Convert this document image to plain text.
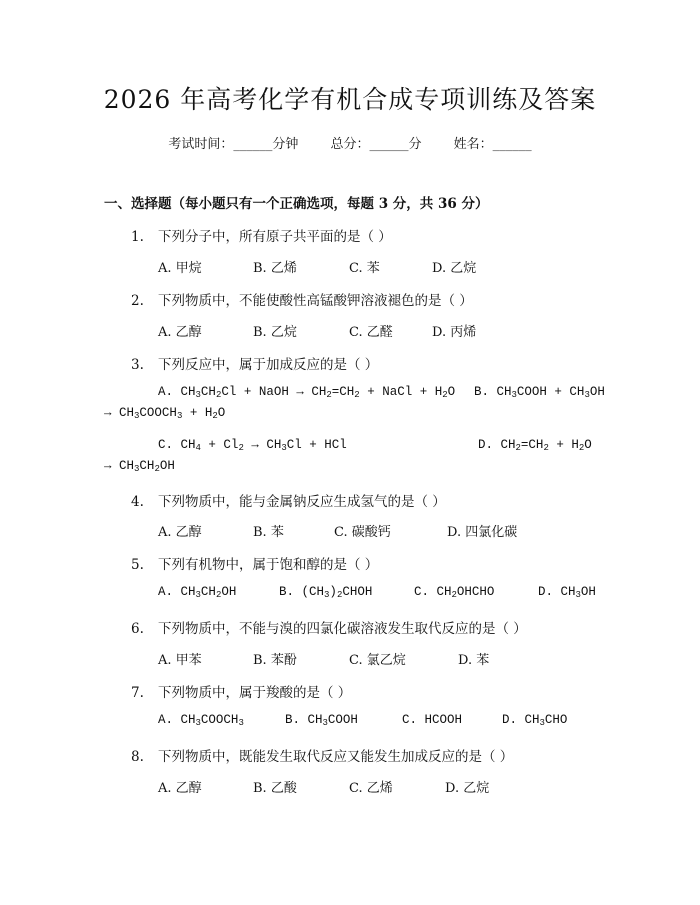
2026 年高考化学有机合成专项训练及答案
考试时间：______分钟 总分：______分 姓名：______
一、选择题（每小题只有一个正确选项，每题 3 分，共 36 分）
1. 下列分子中，所有原子共平面的是（ ）
A. 甲烷	B. 乙烯	C. 苯	D. 乙烷
2. 下列物质中，不能使酸性高锰酸钾溶液褪色的是（ ）
A. 乙醇	B. 乙烷	C. 乙醛	D. 丙烯
3. 下列反应中，属于加成反应的是（ ）
A. $CH_3CH_2Cl$ + NaOH → $CH_2=CH_2$ + NaCl + $H_2O$ B. $CH_3COOH + CH_3OH$
→ $CH_3COOCH_3 + H_2O$
C. $CH_4 + Cl_2 \to CH_3Cl$ + HCl	D. $CH_2=CH_2 + H_2O$
→ $CH_3CH_2OH$
4. 下列物质中，能与金属钠反应生成氢气的是（ ）
A. 乙醇	B. 苯	C. 碳酸钙	D. 四氯化碳
5. 下列有机物中，属于饱和醇的是（ ）
A. $CH_3CH_2OH$	B. $(CH_3)_2CHOH$	C. $CH_2OHCHO$	D. $CH_3OH$
6. 下列物质中，不能与溴的四氯化碳溶液发生取代反应的是（ ）
A. 甲苯	B. 苯酚	C. 氯乙烷	D. 苯
7. 下列物质中，属于羧酸的是（ ）
A. $CH_3COOCH_3$	B. $CH_3COOH$	C. HCOOH	D. $CH_3CHO$
8. 下列物质中，既能发生取代反应又能发生加成反应的是（ ）
A. 乙醇	B. 乙酸	C. 乙烯	D. 乙烷
